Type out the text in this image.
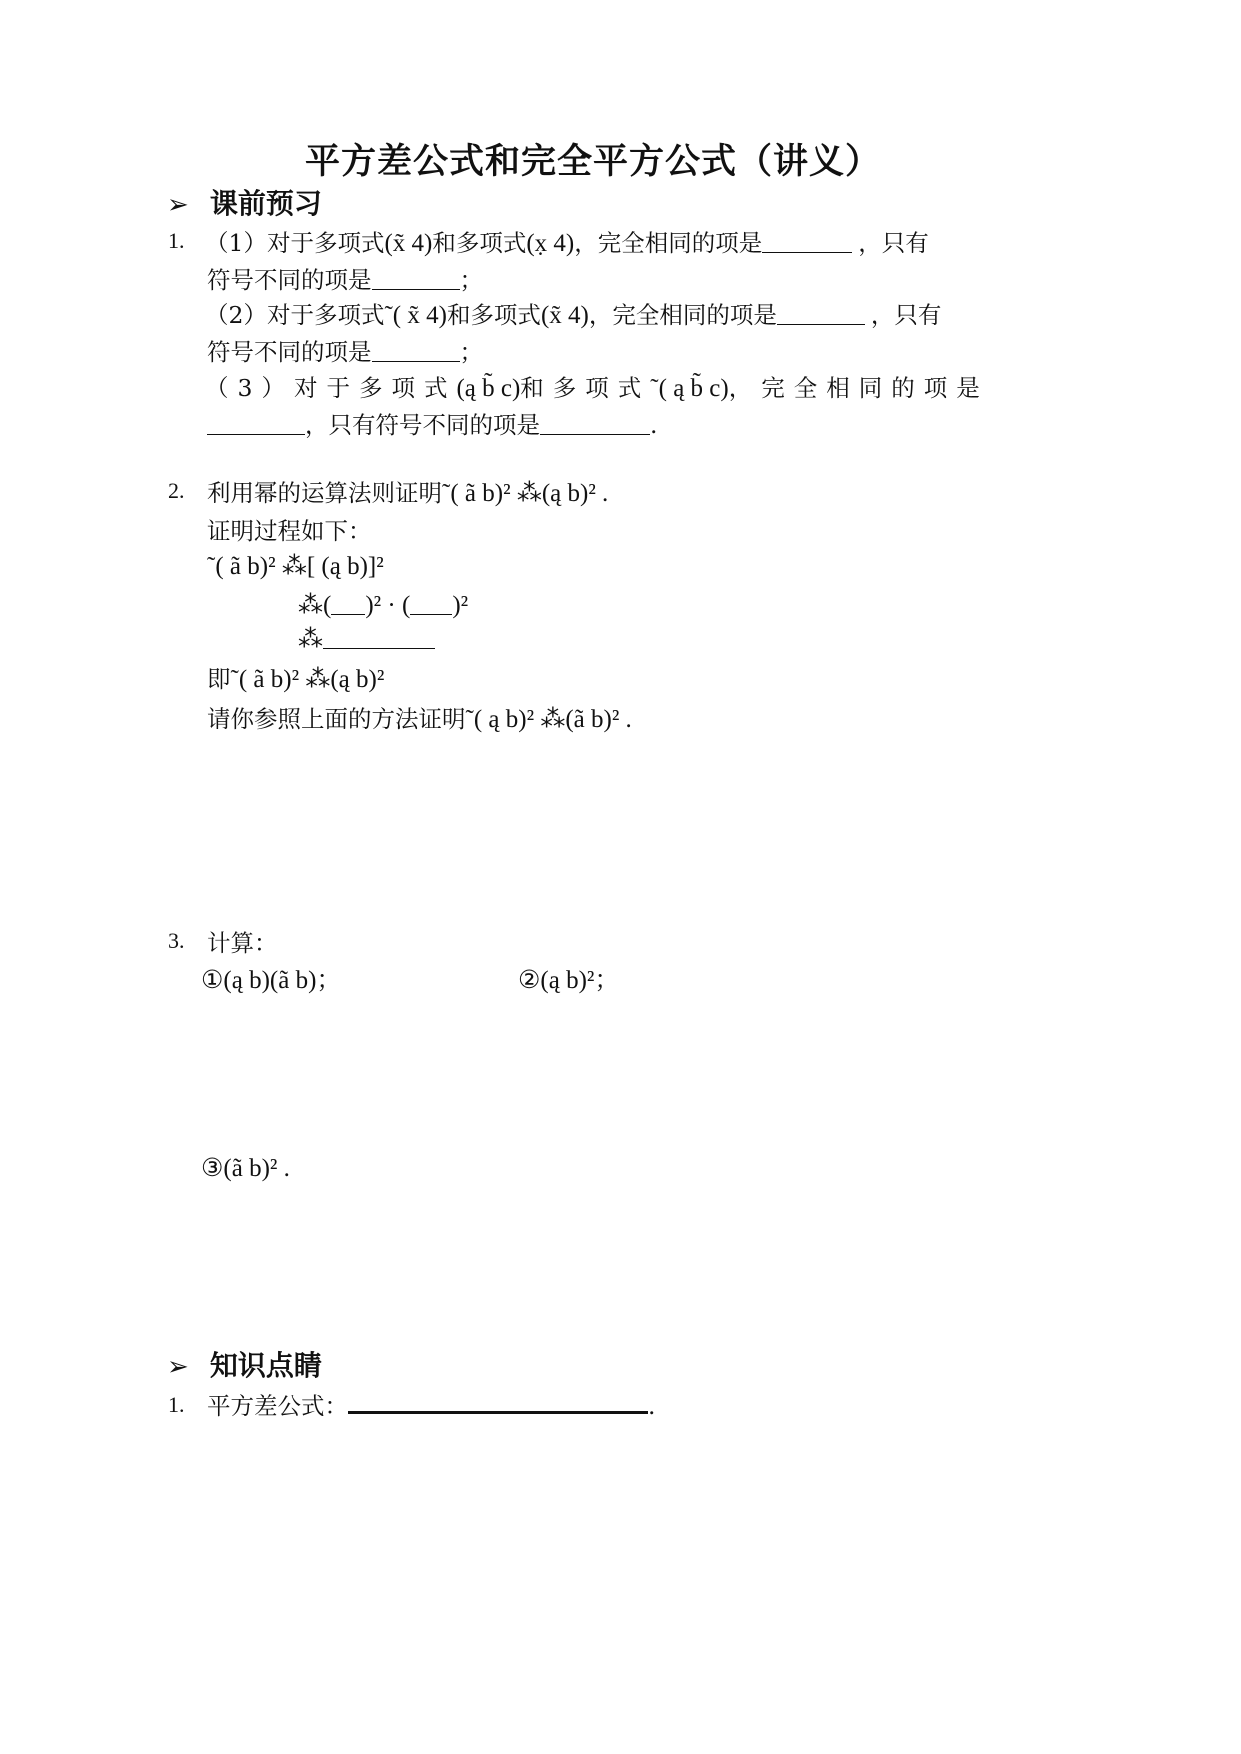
平方差公式和完全平方公式（讲义）
➢ 课前预习
1. （1）对于多项式(x̃ 4)和多项式(x̣ 4)，完全相同的项是	，只有
符号不同的项是	；
（2）对于多项式˜( x̃ 4)和多项式(x̃ 4)，完全相同的项是	，只有
符号不同的项是	；
（3）对于多项式(ą b̃ c)和多项式˜( ą b̃ c)，完全相同的项是
，只有符号不同的项是	.
2. 利用幂的运算法则证明˜( ã b)² ⁂(ą b)² .
证明过程如下：
˜( ã b)² ⁂[ (ą b)]²
⁂( )² · ( )²
⁂
即˜( ã b)² ⁂(ą b)²
请你参照上面的方法证明˜( ą b)² ⁂(ã b)² .
3. 计算：
①(ą b)(ã b)；	②(ą b)²；
③(ã b)² .
➢ 知识点睛
1. 平方差公式：	.
